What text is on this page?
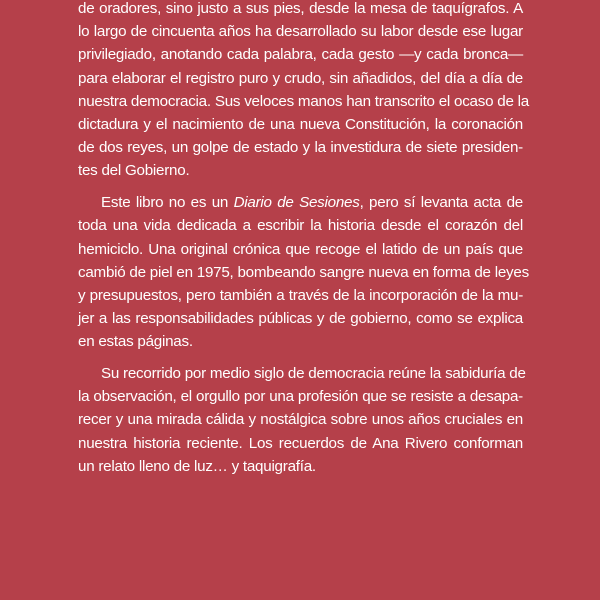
de oradores, sino justo a sus pies, desde la mesa de taquígrafos. A
lo largo de cincuenta años ha desarrollado su labor desde ese lugar
privilegiado, anotando cada palabra, cada gesto —y cada bronca—
para elaborar el registro puro y crudo, sin añadidos, del día a día de
nuestra democracia. Sus veloces manos han transcrito el ocaso de la
dictadura y el nacimiento de una nueva Constitución, la coronación
de dos reyes, un golpe de estado y la investidura de siete presiden-
tes del Gobierno.

Este libro no es un Diario de Sesiones, pero sí levanta acta de
toda una vida dedicada a escribir la historia desde el corazón del
hemiciclo. Una original crónica que recoge el latido de un país que
cambió de piel en 1975, bombeando sangre nueva en forma de leyes
y presupuestos, pero también a través de la incorporación de la mu-
jer a las responsabilidades públicas y de gobierno, como se explica
en estas páginas.

Su recorrido por medio siglo de democracia reúne la sabiduría de
la observación, el orgullo por una profesión que se resiste a desapa-
recer y una mirada cálida y nostálgica sobre unos años cruciales en
nuestra historia reciente. Los recuerdos de Ana Rivero conforman
un relato lleno de luz… y taquigrafía.
